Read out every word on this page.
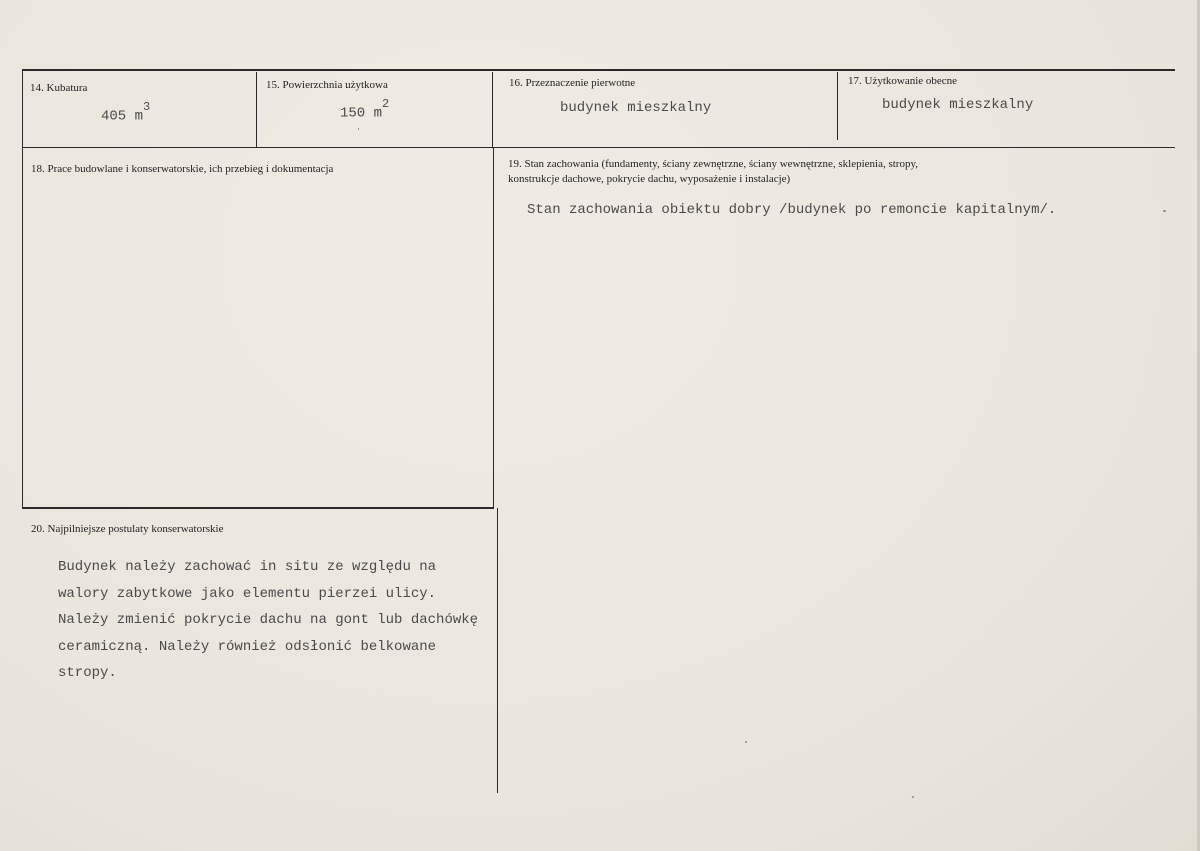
14. Kubatura
405 $m^3$
15. Powierzchnia użytkowa
150 $m^2$
16. Przeznaczenie pierwotne
budynek mieszkalny
17. Użytkowanie obecne
budynek mieszkalny
18. Prace budowlane i konserwatorskie, ich przebieg i dokumentacja	19. Stan zachowania (fundamenty, ściany zewnętrzne, ściany wewnętrzne, sklepienia, stropy,
konstrukcje dachowe, pokrycie dachu, wyposażenie i instalacje)
Stan zachowania obiektu dobry /budynek po remoncie kapitalnym/.
20. Najpilniejsze postulaty konserwatorskie
Budynek należy zachować in situ ze względu na
walory zabytkowe jako elementu pierzei ulicy.
Należy zmienić pokrycie dachu na gont lub dachówkę
ceramiczną. Należy również odsłonić belkowane
stropy.
